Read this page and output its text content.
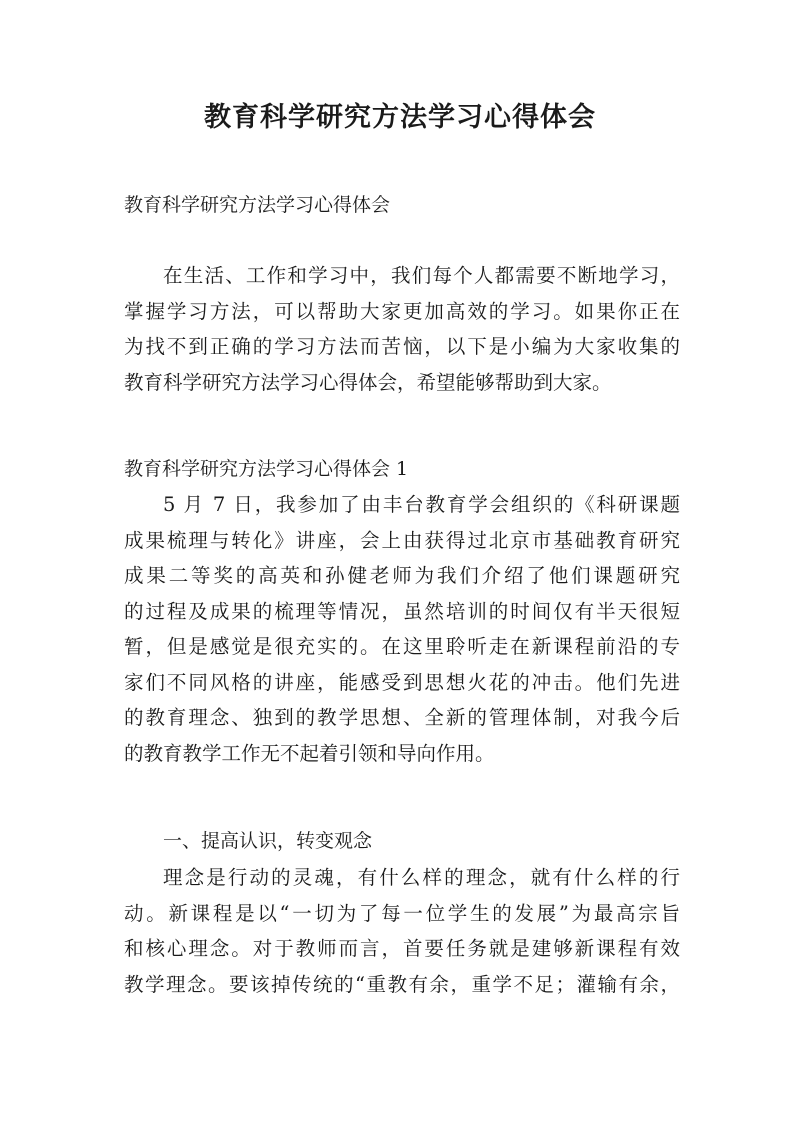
教育科学研究方法学习心得体会
教育科学研究方法学习心得体会
在生活、工作和学习中，我们每个人都需要不断地学习，
掌握学习方法，可以帮助大家更加高效的学习。如果你正在
为找不到正确的学习方法而苦恼，以下是小编为大家收集的
教育科学研究方法学习心得体会，希望能够帮助到大家。
教育科学研究方法学习心得体会 1
5 月 7 日，我参加了由丰台教育学会组织的《科研课题
成果梳理与转化》讲座，会上由获得过北京市基础教育研究
成果二等奖的高英和孙健老师为我们介绍了他们课题研究
的过程及成果的梳理等情况，虽然培训的时间仅有半天很短
暂，但是感觉是很充实的。在这里聆听走在新课程前沿的专
家们不同风格的讲座，能感受到思想火花的冲击。他们先进
的教育理念、独到的教学思想、全新的管理体制，对我今后
的教育教学工作无不起着引领和导向作用。
一、提高认识，转变观念
理念是行动的灵魂，有什么样的理念，就有什么样的行
动。新课程是以“一切为了每一位学生的发展”为最高宗旨
和核心理念。对于教师而言，首要任务就是建够新课程有效
教学理念。要该掉传统的“重教有余，重学不足；灌输有余，
